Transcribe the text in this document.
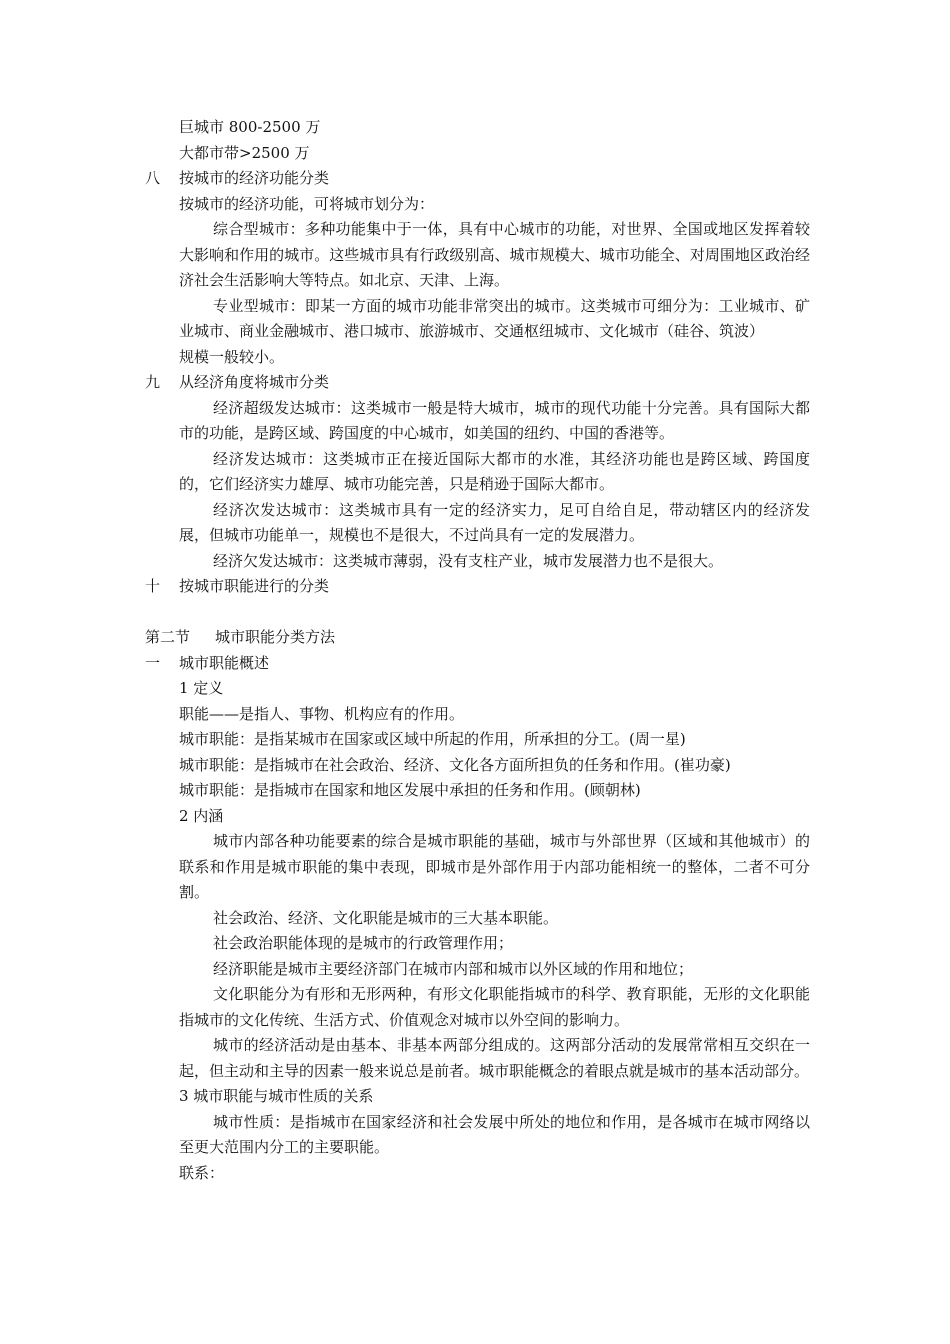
巨城市 800-2500 万

大都市带>2500 万

八	按城市的经济功能分类

按城市的经济功能，可将城市划分为：

综合型城市：多种功能集中于一体，具有中心城市的功能，对世界、全国或地区发挥着较大影响和作用的城市。这些城市具有行政级别高、城市规模大、城市功能全、对周围地区政治经济社会生活影响大等特点。如北京、天津、上海。

专业型城市：即某一方面的城市功能非常突出的城市。这类城市可细分为：工业城市、矿业城市、商业金融城市、港口城市、旅游城市、交通枢纽城市、文化城市（硅谷、筑波）

规模一般较小。

九	从经济角度将城市分类

经济超级发达城市：这类城市一般是特大城市，城市的现代功能十分完善。具有国际大都市的功能，是跨区域、跨国度的中心城市，如美国的纽约、中国的香港等。

经济发达城市：这类城市正在接近国际大都市的水准，其经济功能也是跨区域、跨国度的，它们经济实力雄厚、城市功能完善，只是稍逊于国际大都市。

经济次发达城市：这类城市具有一定的经济实力，足可自给自足，带动辖区内的经济发展，但城市功能单一，规模也不是很大，不过尚具有一定的发展潜力。

经济欠发达城市：这类城市薄弱，没有支柱产业，城市发展潜力也不是很大。

十	按城市职能进行的分类
第二节	城市职能分类方法
一	城市职能概述

1 定义

职能——是指人、事物、机构应有的作用。

城市职能：是指某城市在国家或区域中所起的作用，所承担的分工。(周一星)

城市职能：是指城市在社会政治、经济、文化各方面所担负的任务和作用。(崔功豪)

城市职能：是指城市在国家和地区发展中承担的任务和作用。(顾朝林)

2 内涵

城市内部各种功能要素的综合是城市职能的基础，城市与外部世界（区域和其他城市）的联系和作用是城市职能的集中表现，即城市是外部作用于内部功能相统一的整体，二者不可分割。

社会政治、经济、文化职能是城市的三大基本职能。

社会政治职能体现的是城市的行政管理作用；

经济职能是城市主要经济部门在城市内部和城市以外区域的作用和地位；

文化职能分为有形和无形两种，有形文化职能指城市的科学、教育职能，无形的文化职能指城市的文化传统、生活方式、价值观念对城市以外空间的影响力。

城市的经济活动是由基本、非基本两部分组成的。这两部分活动的发展常常相互交织在一起，但主动和主导的因素一般来说总是前者。城市职能概念的着眼点就是城市的基本活动部分。

3 城市职能与城市性质的关系

城市性质：是指城市在国家经济和社会发展中所处的地位和作用，是各城市在城市网络以至更大范围内分工的主要职能。

联系：
